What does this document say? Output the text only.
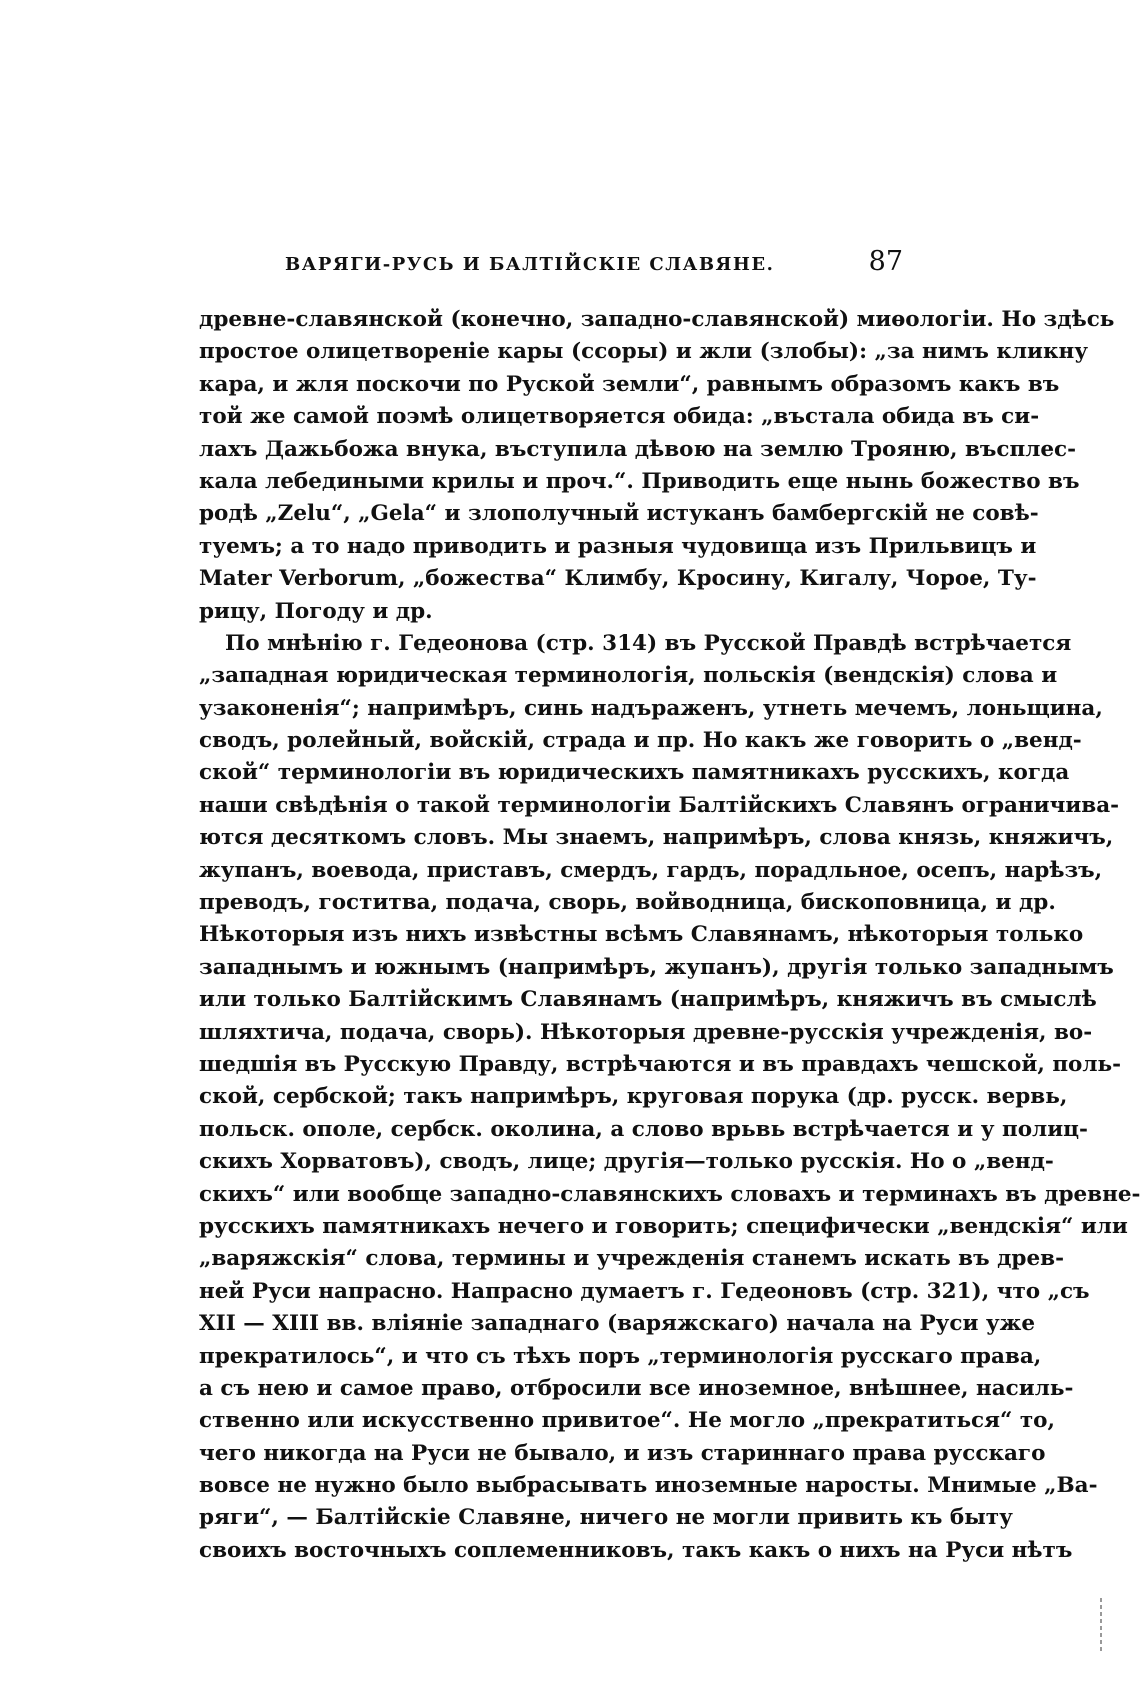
ВАРЯГИ-РУСЬ И БАЛТІЙСКІЕ СЛАВЯНЕ.	87
древне-славянской (конечно, западно-славянской) миѳологіи. Но здѣсь
простое олицетвореніе кары (ссоры) и жли (злобы): „за нимъ кликну
кара, и жля поскочи по Руской земли“, равнымъ образомъ какъ въ
той же самой поэмѣ олицетворяется обида: „въстала обида въ си-
лахъ Дажьбожа внука, въступила дѣвою на землю Трояню, въсплес-
кала лебедиными крилы и проч.“. Приводить еще нынь божество въ
родѣ „Zelu“, „Gela“ и злополучный истуканъ бамбергскій не совѣ-
туемъ; а то надо приводить и разныя чудовища изъ Прильвицъ и
Mater Verborum, „божества“ Климбу, Кросину, Кигалу, Чорое, Ту-
рицу, Погоду и др.
По мнѣнію г. Гедеонова (стр. 314) въ Русской Правдѣ встрѣчается
„западная юридическая терминологія, польскія (вендскія) слова и
узаконенія“; напримѣръ, синь надъраженъ, утнеть мечемъ, лоньщина,
сводъ, ролейный, войскій, страда и пр. Но какъ же говорить о „венд-
ской“ терминологіи въ юридическихъ памятникахъ русскихъ, когда
наши свѣдѣнія о такой терминологіи Балтійскихъ Славянъ ограничива-
ются десяткомъ словъ. Мы знаемъ, напримѣръ, слова князь, княжичъ,
жупанъ, воевода, приставъ, смердъ, гардъ, порадльное, осепъ, нарѣзъ,
преводъ, гоститва, подача, сворь, войводница, бископовница, и др.
Нѣкоторыя изъ нихъ извѣстны всѣмъ Славянамъ, нѣкоторыя только
западнымъ и южнымъ (напримѣръ, жупанъ), другія только западнымъ
или только Балтійскимъ Славянамъ (напримѣръ, княжичъ въ смыслѣ
шляхтича, подача, сворь). Нѣкоторыя древне-русскія учрежденія, во-
шедшія въ Русскую Правду, встрѣчаются и въ правдахъ чешской, поль-
ской, сербской; такъ напримѣръ, круговая порука (др. русск. вервь,
польск. ополе, сербск. околина, а слово врьвь встрѣчается и у полиц-
скихъ Хорватовъ), сводъ, лице; другія—только русскія. Но о „венд-
скихъ“ или вообще западно-славянскихъ словахъ и терминахъ въ древне-
русскихъ памятникахъ нечего и говорить; специфически „вендскія“ или
„варяжскія“ слова, термины и учрежденія станемъ искать въ древ-
ней Руси напрасно. Напрасно думаетъ г. Гедеоновъ (стр. 321), что „съ
XII — XIII вв. вліяніе западнаго (варяжскаго) начала на Руси уже
прекратилось“, и что съ тѣхъ поръ „терминологія русскаго права,
а съ нею и самое право, отбросили все иноземное, внѣшнее, насиль-
ственно или искусственно привитое“. Не могло „прекратиться“ то,
чего никогда на Руси не бывало, и изъ стариннаго права русскаго
вовсе не нужно было выбрасывать иноземные наросты. Мнимые „Ва-
ряги“, — Балтійскіе Славяне, ничего не могли привить къ быту
своихъ восточныхъ соплеменниковъ, такъ какъ о нихъ на Руси нѣтъ
